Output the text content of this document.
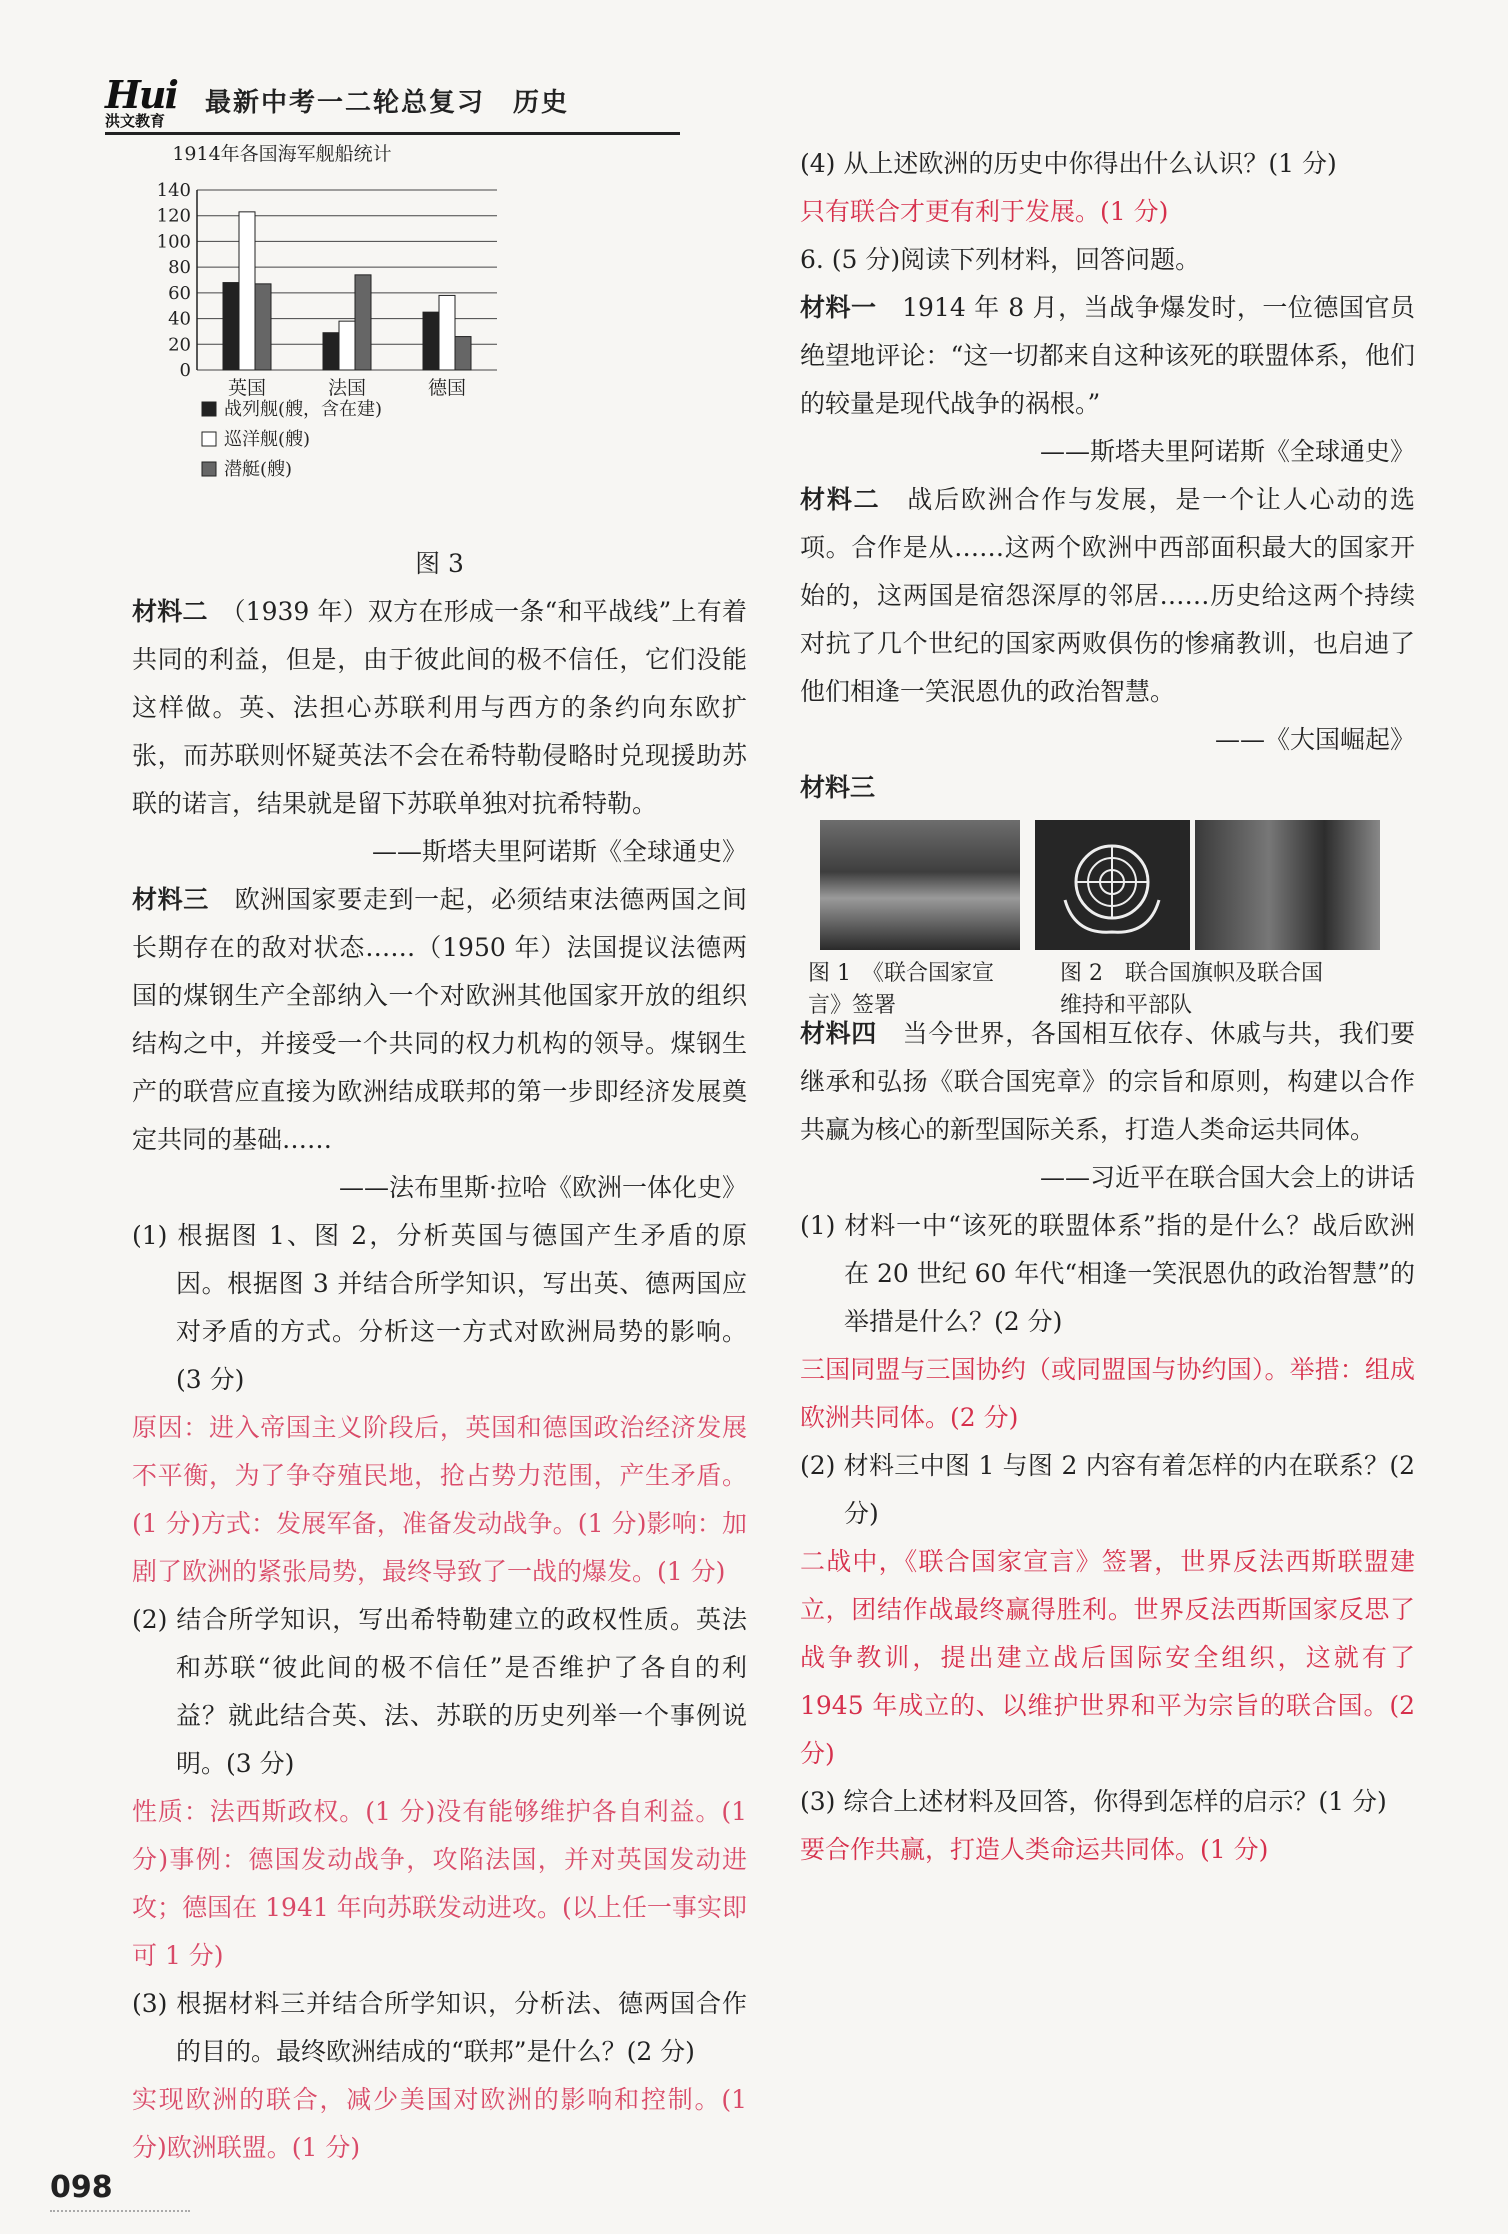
Hui
洪文教育
最新中考一二轮总复习　历史
1914年各国海军舰船统计
0
20
40
60
80
100
120
140
英国	法国	德国
战列舰(艘，含在建)
巡洋舰(艘)
潜艇(艘)

图 3

材料二　 （1939 年）双方在形成一条“和平战线”上有着共同的利益，但是，由于彼此间的极不信任，它们没能这样做。英、法担心苏联利用与西方的条约向东欧扩张，而苏联则怀疑英法不会在希特勒侵略时兑现援助苏联的诺言，结果就是留下苏联单独对抗希特勒。

——斯塔夫里阿诺斯《全球通史》

材料三　 欧洲国家要走到一起，必须结束法德两国之间长期存在的敌对状态……（1950 年）法国提议法德两国的煤钢生产全部纳入一个对欧洲其他国家开放的组织结构之中，并接受一个共同的权力机构的领导。煤钢生产的联营应直接为欧洲结成联邦的第一步即经济发展奠定共同的基础……

——法布里斯·拉哈《欧洲一体化史》

(1) 根据图 1、图 2，分析英国与德国产生矛盾的原因。根据图 3 并结合所学知识，写出英、德两国应对矛盾的方式。分析这一方式对欧洲局势的影响。(3 分)

原因：进入帝国主义阶段后，英国和德国政治经济发展不平衡，为了争夺殖民地，抢占势力范围，产生矛盾。(1 分)方式：发展军备，准备发动战争。(1 分)影响：加剧了欧洲的紧张局势，最终导致了一战的爆发。(1 分)

(2) 结合所学知识，写出希特勒建立的政权性质。英法和苏联“彼此间的极不信任”是否维护了各自的利益？就此结合英、法、苏联的历史列举一个事例说明。(3 分)

性质：法西斯政权。(1 分)没有能够维护各自利益。(1 分)事例：德国发动战争，攻陷法国，并对英国发动进攻；德国在 1941 年向苏联发动进攻。(以上任一事实即可 1 分)

(3) 根据材料三并结合所学知识，分析法、德两国合作的目的。最终欧洲结成的“联邦”是什么？(2 分)

实现欧洲的联合，减少美国对欧洲的影响和控制。(1 分)欧洲联盟。(1 分)

(4) 从上述欧洲的历史中你得出什么认识？(1 分)

只有联合才更有利于发展。(1 分)

6. (5 分)阅读下列材料，回答问题。

材料一　 1914 年 8 月，当战争爆发时，一位德国官员绝望地评论：“这一切都来自这种该死的联盟体系，他们的较量是现代战争的祸根。”

——斯塔夫里阿诺斯《全球通史》

材料二　 战后欧洲合作与发展，是一个让人心动的选项。合作是从……这两个欧洲中西部面积最大的国家开始的，这两国是宿怨深厚的邻居……历史给这两个持续对抗了几个世纪的国家两败俱伤的惨痛教训，也启迪了他们相逢一笑泯恩仇的政治智慧。

——《大国崛起》

材料三

图 1　《联合国家宣言》签署
图 2　联合国旗帜及联合国维持和平部队

材料四　 当今世界，各国相互依存、休戚与共，我们要继承和弘扬《联合国宪章》的宗旨和原则，构建以合作共赢为核心的新型国际关系，打造人类命运共同体。

——习近平在联合国大会上的讲话

(1) 材料一中“该死的联盟体系”指的是什么？战后欧洲在 20 世纪 60 年代“相逢一笑泯恩仇的政治智慧”的举措是什么？(2 分)

三国同盟与三国协约（或同盟国与协约国）。举措：组成欧洲共同体。(2 分)

(2) 材料三中图 1 与图 2 内容有着怎样的内在联系？(2 分)

二战中，《联合国家宣言》签署，世界反法西斯联盟建立，团结作战最终赢得胜利。世界反法西斯国家反思了战争教训，提出建立战后国际安全组织，这就有了 1945 年成立的、以维护世界和平为宗旨的联合国。(2 分)

(3) 综合上述材料及回答，你得到怎样的启示？(1 分)

要合作共赢，打造人类命运共同体。(1 分)

098
